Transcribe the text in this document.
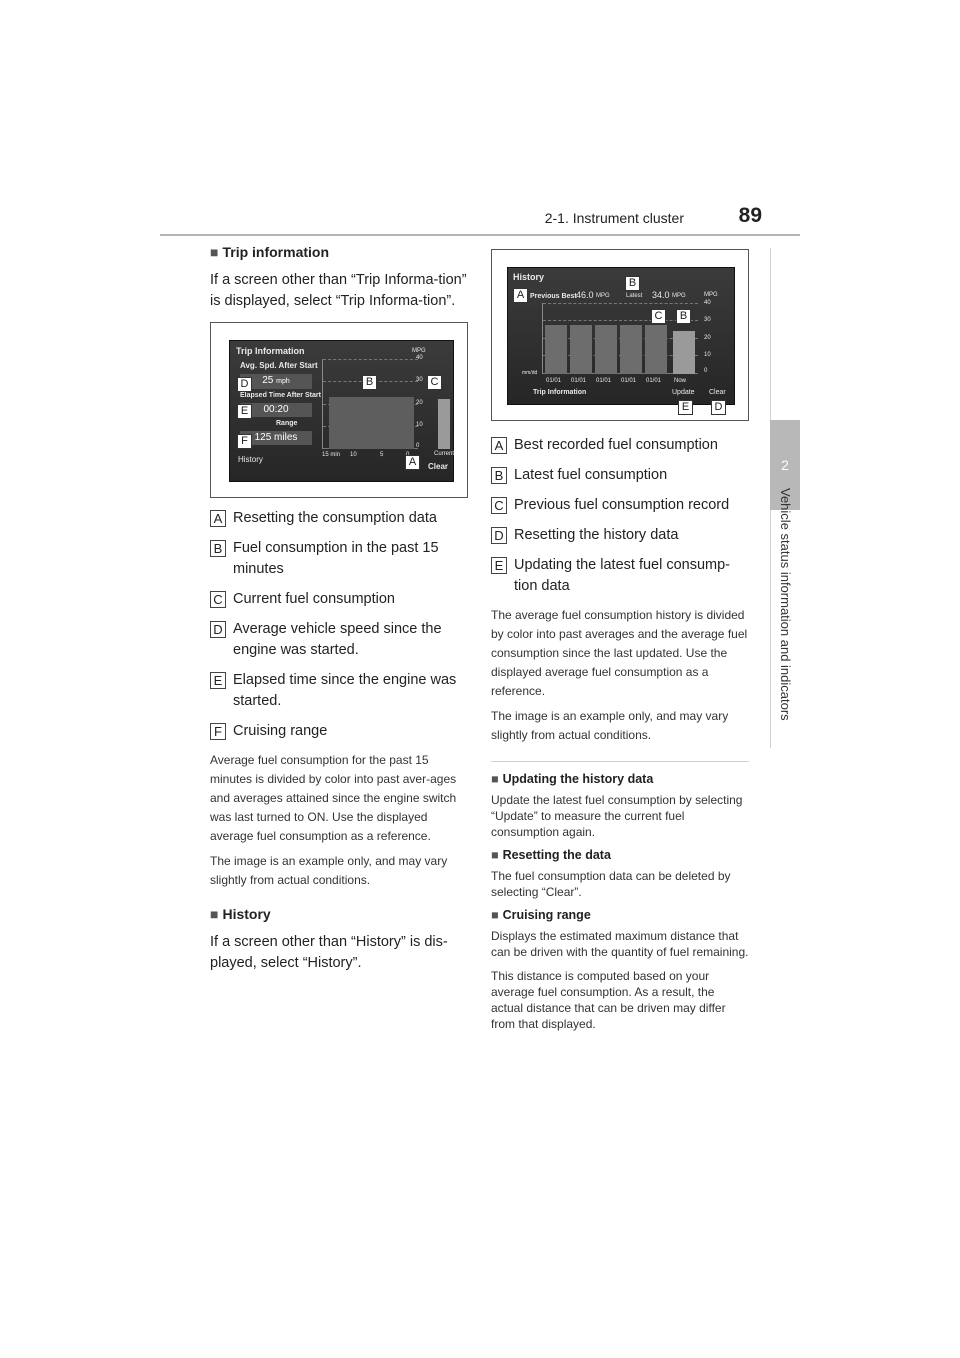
2-1. Instrument cluster	89
2
Vehicle status information and indicators
■ Trip information

If a screen other than “Trip Informa-tion” is displayed, select “Trip Informa-tion”.

Trip Information
Avg. Spd. After Start
25 mph
Elapsed Time After Start
00:20
Range
125 miles
History
Clear
MPG
40
30
20
10
0
Current
15 min 10	5
D
E
F
B	C
A
A Resetting the consumption data
B Fuel consumption in the past 15 minutes
C Current fuel consumption
D Average vehicle speed since the engine was started.
E Elapsed time since the engine was started.
F Cruising range

Average fuel consumption for the past 15 minutes is divided by color into past aver-ages and averages attained since the engine switch was last turned to ON. Use the displayed average fuel consumption as a reference.

The image is an example only, and may vary slightly from actual conditions.

■ History

If a screen other than “History” is dis-played, select “History”.

History
Previous Best 46.0 MPG	Latest 34.0 MPG	MPG
40
30
20
10
0
mm/dd
01/01 01/01 01/01 01/01 01/01 Now
Trip Information	Update Clear
A
B
C	B
E	D
A Best recorded fuel consumption
B Latest fuel consumption
C Previous fuel consumption record
D Resetting the history data
E Updating the latest fuel consump-tion data

The average fuel consumption history is divided by color into past averages and the average fuel consumption since the last updated. Use the displayed average fuel consumption as a reference.

The image is an example only, and may vary slightly from actual conditions.

■ Updating the history data

Update the latest fuel consumption by selecting “Update” to measure the current fuel consumption again.

■ Resetting the data

The fuel consumption data can be deleted by selecting “Clear”.

■ Cruising range

Displays the estimated maximum distance that can be driven with the quantity of fuel remaining.

This distance is computed based on your average fuel consumption. As a result, the actual distance that can be driven may differ from that displayed.
